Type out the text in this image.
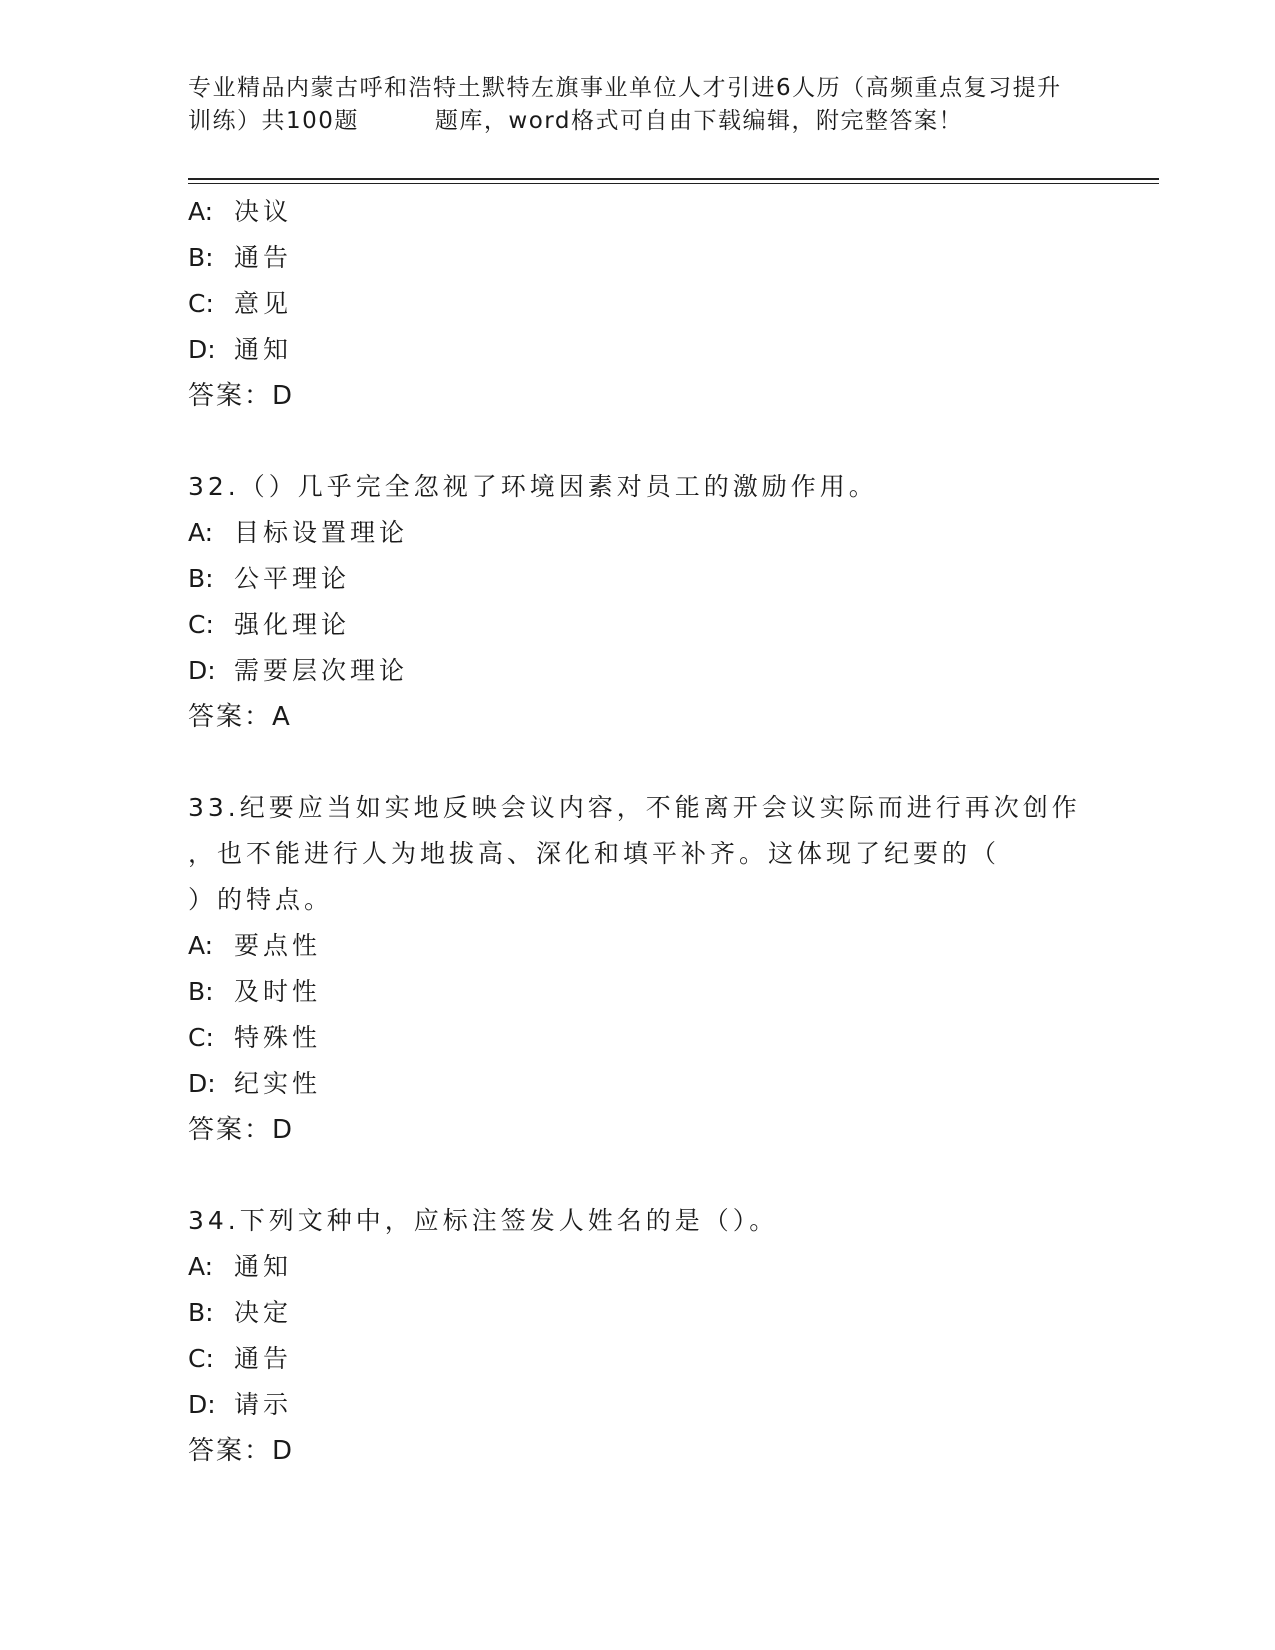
专业精品内蒙古呼和浩特土默特左旗事业单位人才引进6人历（高频重点复习提升
训练）共100题	题库，word格式可自由下载编辑，附完整答案！
A: 决议
B: 通告
C: 意见
D: 通知
答案：D
32.（）几乎完全忽视了环境因素对员工的激励作用。
A: 目标设置理论
B: 公平理论
C: 强化理论
D: 需要层次理论
答案：A
33.纪要应当如实地反映会议内容，不能离开会议实际而进行再次创作
，也不能进行人为地拔高、深化和填平补齐。这体现了纪要的（
）的特点。
A: 要点性
B: 及时性
C: 特殊性
D: 纪实性
答案：D
34.下列文种中，应标注签发人姓名的是（）。
A: 通知
B: 决定
C: 通告
D: 请示
答案：D
